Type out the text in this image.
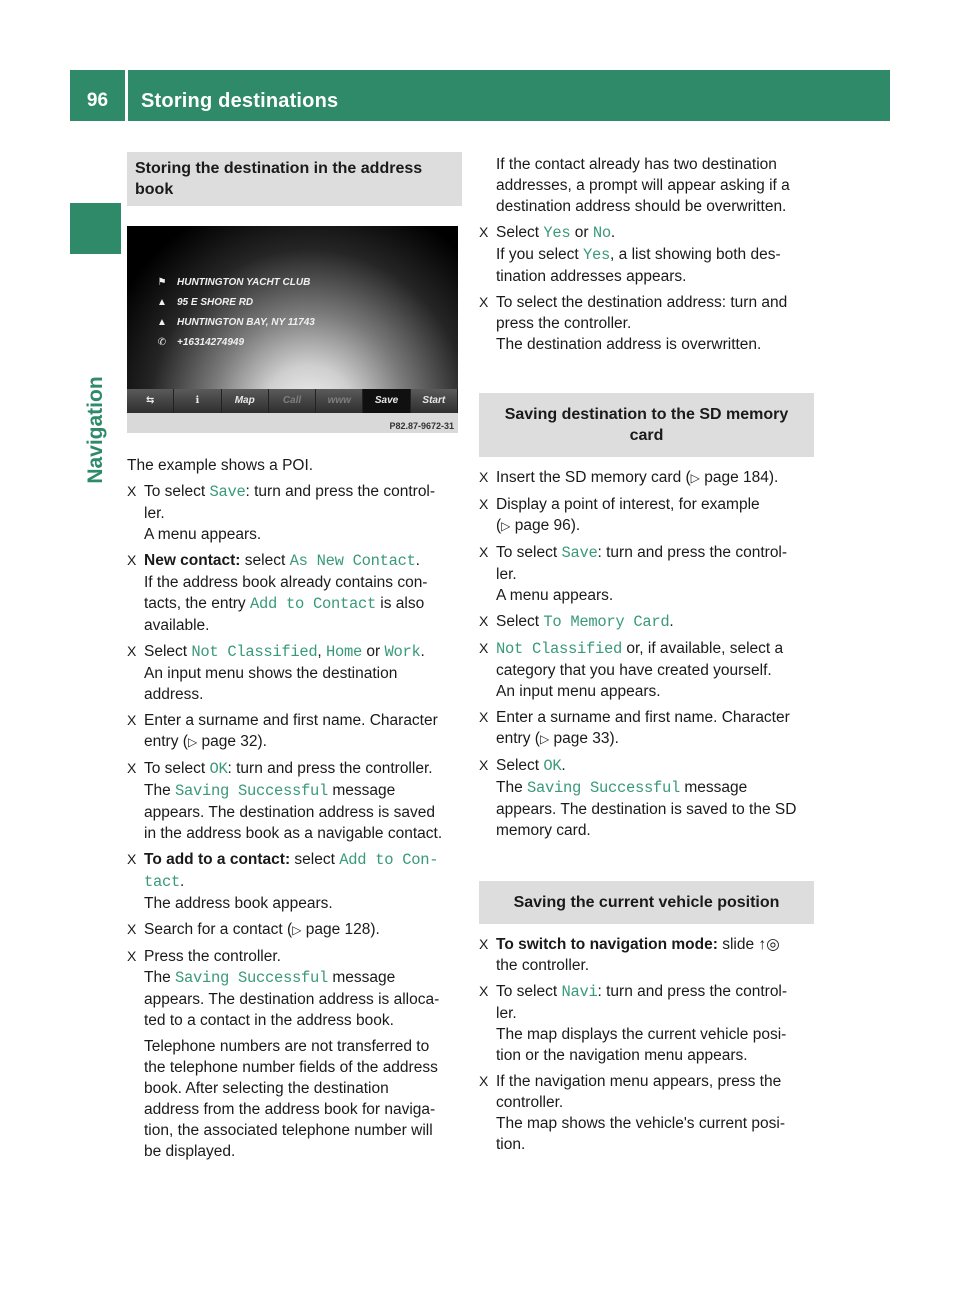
96	Storing destinations
Navigation
Storing the destination in the address book
⚑ HUNTINGTON YACHT CLUB
▲ 95 E SHORE RD
▲ HUNTINGTON BAY, NY 11743
✆ +16314274949
⇆	ℹ	Map	Call	www	Save	Start
P82.87-9672-31

The example shows a POI.

X To select Save: turn and press the control-
ler.
A menu appears.
X New contact: select As New Contact.
If the address book already contains con-
tacts, the entry Add to Contact is also
available.
X Select Not Classified, Home or Work.
An input menu shows the destination
address.
X Enter a surname and first name. Character
entry (▷ page 32).
X To select OK: turn and press the controller.
The Saving Successful message
appears. The destination address is saved
in the address book as a navigable contact.
X To add to a contact: select Add to Con‑
tact.
The address book appears.
X Search for a contact (▷ page 128).
X Press the controller.
The Saving Successful message
appears. The destination address is alloca-
ted to a contact in the address book.
Telephone numbers are not transferred to
the telephone number fields of the address
book. After selecting the destination
address from the address book for naviga-
tion, the associated telephone number will
be displayed.
If the contact already has two destination
addresses, a prompt will appear asking if a
destination address should be overwritten.
X Select Yes or No.
If you select Yes, a list showing both des-
tination addresses appears.
X To select the destination address: turn and
press the controller.
The destination address is overwritten.
Saving destination to the SD memory card
X Insert the SD memory card (▷ page 184).
X Display a point of interest, for example
(▷ page 96).
X To select Save: turn and press the control-
ler.
A menu appears.
X Select To Memory Card.
X Not Classified or, if available, select a
category that you have created yourself.
An input menu appears.
X Enter a surname and first name. Character
entry (▷ page 33).
X Select OK.
The Saving Successful message
appears. The destination is saved to the SD
memory card.
Saving the current vehicle position
X To switch to navigation mode: slide ↑◎
the controller.
X To select Navi: turn and press the control-
ler.
The map displays the current vehicle posi-
tion or the navigation menu appears.
X If the navigation menu appears, press the
controller.
The map shows the vehicle's current posi-
tion.
